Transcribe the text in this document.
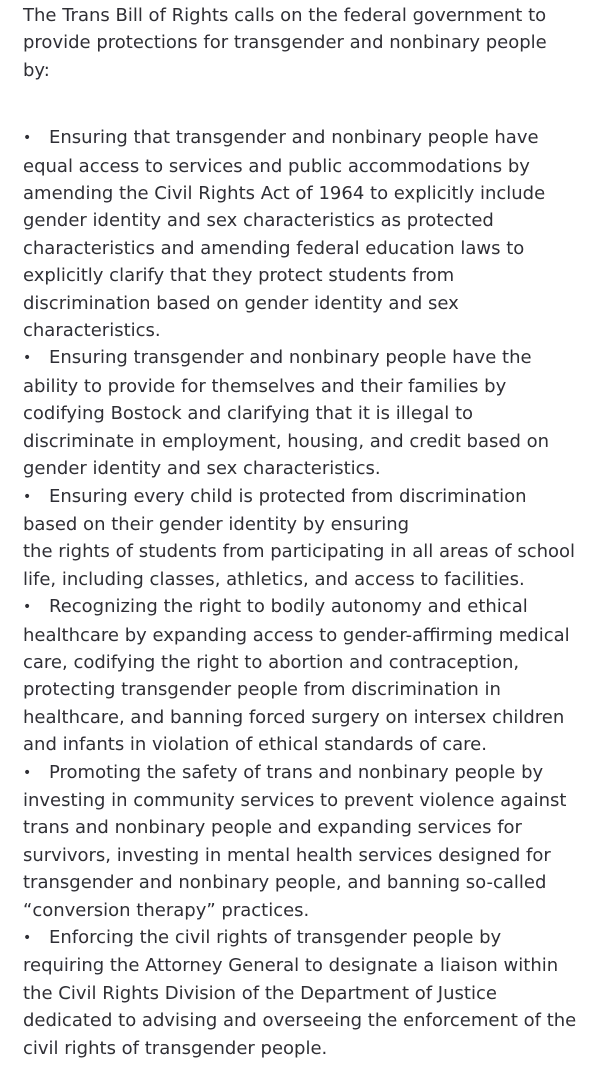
The Trans Bill of Rights calls on the federal government to provide protections for transgender and nonbinary people by:

• Ensuring that transgender and nonbinary people have equal access to services and public accommodations by amending the Civil Rights Act of 1964 to explicitly include gender identity and sex characteristics as protected characteristics and amending federal education laws to explicitly clarify that they protect students from discrimination based on gender identity and sex characteristics.
• Ensuring transgender and nonbinary people have the ability to provide for themselves and their families by codifying Bostock and clarifying that it is illegal to discriminate in employment, housing, and credit based on gender identity and sex characteristics.
• Ensuring every child is protected from discrimination based on their gender identity by ensuring
the rights of students from participating in all areas of school life, including classes, athletics, and access to facilities.
• Recognizing the right to bodily autonomy and ethical healthcare by expanding access to gender-affirming medical care, codifying the right to abortion and contraception, protecting transgender people from discrimination in healthcare, and banning forced surgery on intersex children and infants in violation of ethical standards of care.
• Promoting the safety of trans and nonbinary people by investing in community services to prevent violence against trans and nonbinary people and expanding services for survivors, investing in mental health services designed for transgender and nonbinary people, and banning so-called “conversion therapy” practices.
• Enforcing the civil rights of transgender people by requiring the Attorney General to designate a liaison within the Civil Rights Division of the Department of Justice dedicated to advising and overseeing the enforcement of the civil rights of transgender people.
